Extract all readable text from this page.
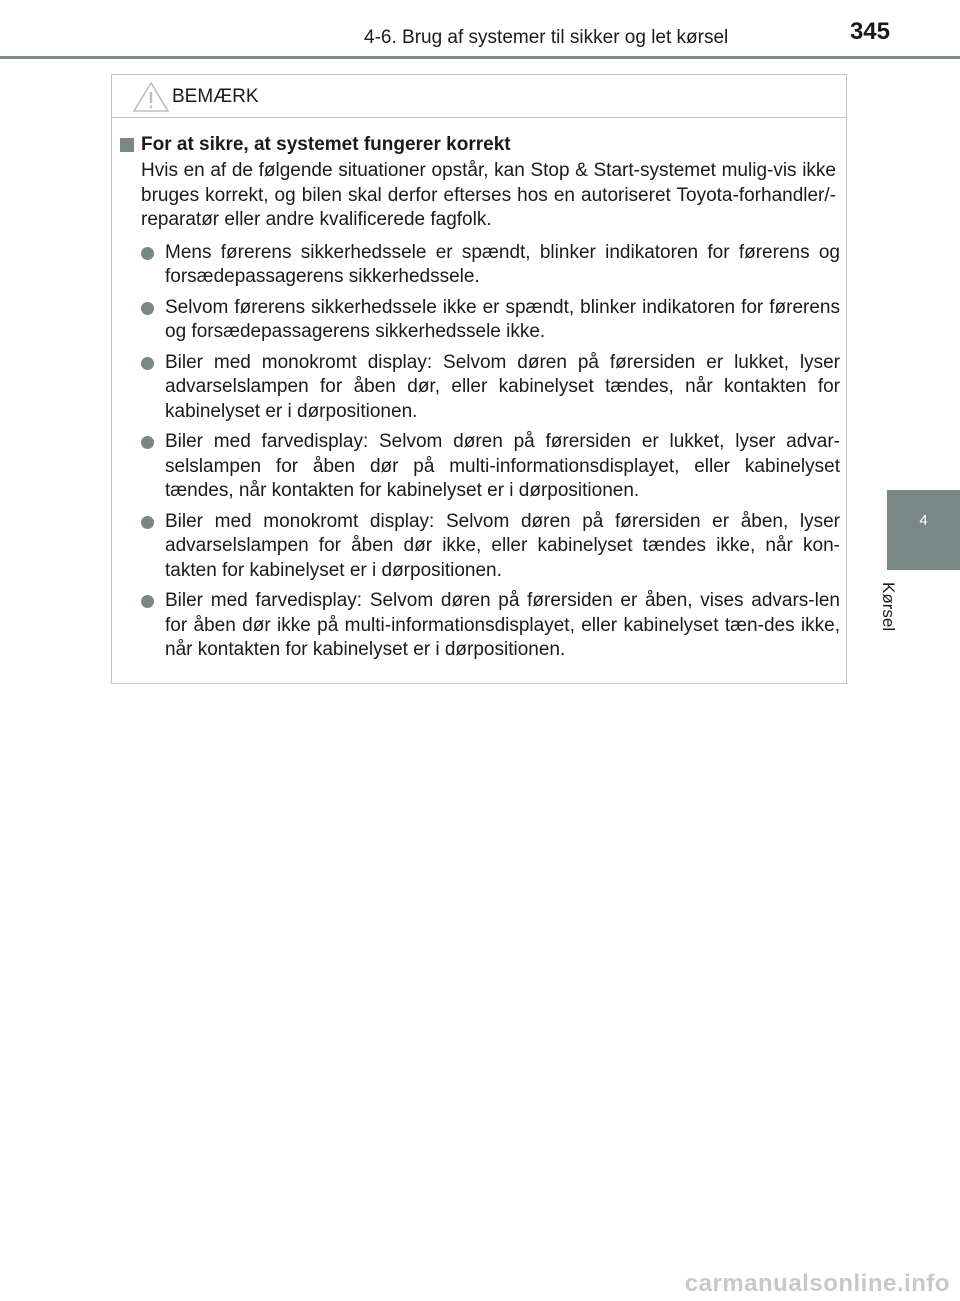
4-6. Brug af systemer til sikker og let kørsel	345
4
Kørsel
BEMÆRK
For at sikre, at systemet fungerer korrekt
Hvis en af de følgende situationer opstår, kan Stop & Start-systemet mulig-vis ikke bruges korrekt, og bilen skal derfor efterses hos en autoriseret Toyota-forhandler/-reparatør eller andre kvalificerede fagfolk.
Mens førerens sikkerhedssele er spændt, blinker indikatoren for førerens og forsædepassagerens sikkerhedssele.
Selvom førerens sikkerhedssele ikke er spændt, blinker indikatoren for førerens og forsædepassagerens sikkerhedssele ikke.
Biler med monokromt display: Selvom døren på førersiden er lukket, lyser advarselslampen for åben dør, eller kabinelyset tændes, når kontakten for kabinelyset er i dørpositionen.
Biler med farvedisplay: Selvom døren på førersiden er lukket, lyser advar-selslampen for åben dør på multi-informationsdisplayet, eller kabinelyset tændes, når kontakten for kabinelyset er i dørpositionen.
Biler med monokromt display: Selvom døren på førersiden er åben, lyser advarselslampen for åben dør ikke, eller kabinelyset tændes ikke, når kon-takten for kabinelyset er i dørpositionen.
Biler med farvedisplay: Selvom døren på førersiden er åben, vises advars-len for åben dør ikke på multi-informationsdisplayet, eller kabinelyset tæn-des ikke, når kontakten for kabinelyset er i dørpositionen.
carmanualsonline.info
